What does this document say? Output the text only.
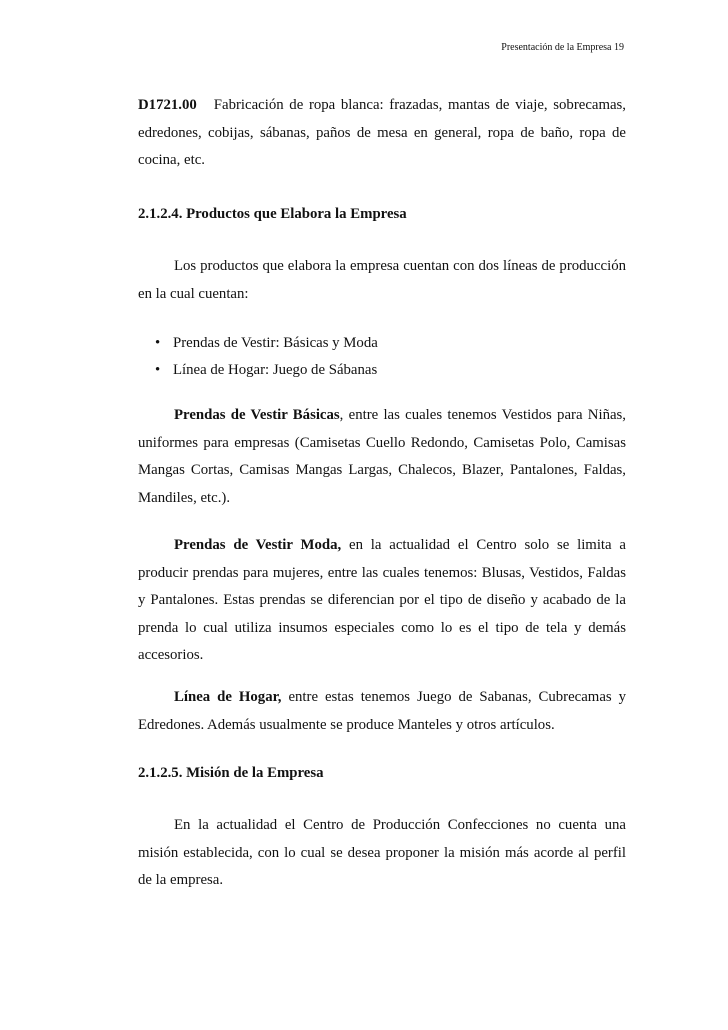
Presentación de la Empresa 19

D1721.00 Fabricación de ropa blanca: frazadas, mantas de viaje, sobrecamas, edredones, cobijas, sábanas, paños de mesa en general, ropa de baño, ropa de cocina, etc.

2.1.2.4. Productos que Elabora la Empresa

Los productos que elabora la empresa cuentan con dos líneas de producción en la cual cuentan:

• Prendas de Vestir: Básicas y Moda
• Línea de Hogar: Juego de Sábanas

Prendas de Vestir Básicas, entre las cuales tenemos Vestidos para Niñas, uniformes para empresas (Camisetas Cuello Redondo, Camisetas Polo, Camisas Mangas Cortas, Camisas Mangas Largas, Chalecos, Blazer, Pantalones, Faldas, Mandiles, etc.).

Prendas de Vestir Moda, en la actualidad el Centro solo se limita a producir prendas para mujeres, entre las cuales tenemos: Blusas, Vestidos, Faldas y Pantalones. Estas prendas se diferencian por el tipo de diseño y acabado de la prenda lo cual utiliza insumos especiales como lo es el tipo de tela y demás accesorios.

Línea de Hogar, entre estas tenemos Juego de Sabanas, Cubrecamas y Edredones. Además usualmente se produce Manteles y otros artículos.

2.1.2.5. Misión de la Empresa

En la actualidad el Centro de Producción Confecciones no cuenta una misión establecida, con lo cual se desea proponer la misión más acorde al perfil de la empresa.
